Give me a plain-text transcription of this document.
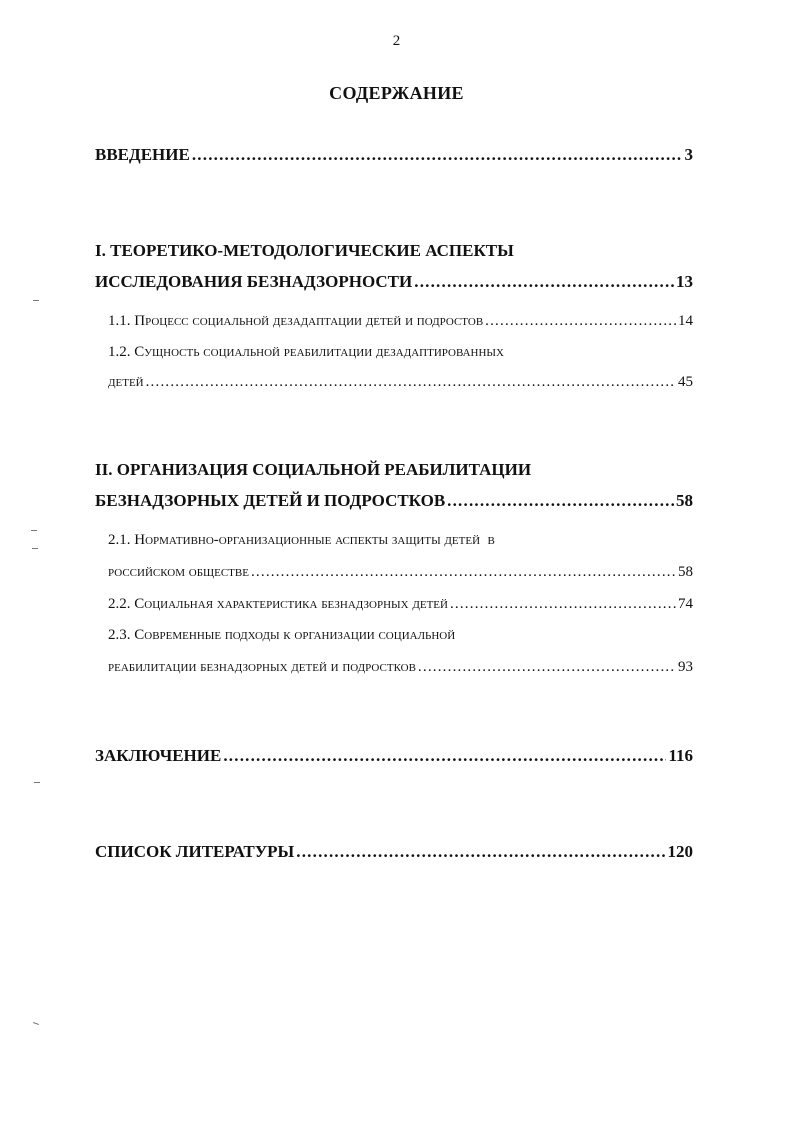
2
СОДЕРЖАНИЕ
ВВЕДЕНИЕ .....	3
I. ТЕОРЕТИКО-МЕТОДОЛОГИЧЕСКИЕ АСПЕКТЫ
ИССЛЕДОВАНИЯ БЕЗНАДЗОРНОСТИ .....	13
1.1. Процесс социальной дезадаптации детей и подростов .....	14
1.2. Сущность социальной реабилитации дезадаптированных
детей .....	45
II. ОРГАНИЗАЦИЯ СОЦИАЛЬНОЙ РЕАБИЛИТАЦИИ
БЕЗНАДЗОРНЫХ ДЕТЕЙ И ПОДРОСТКОВ .....	58
2.1. Нормативно-организационные аспекты защиты детей  в
российском обществе .....	58
2.2. Социальная характеристика безнадзорных детей .....	74
2.3. Современные подходы к организации социальной
реабилитации безнадзорных детей и подростков .....	93
ЗАКЛЮЧЕНИЕ .....	116
СПИСОК ЛИТЕРАТУРЫ .....	120
